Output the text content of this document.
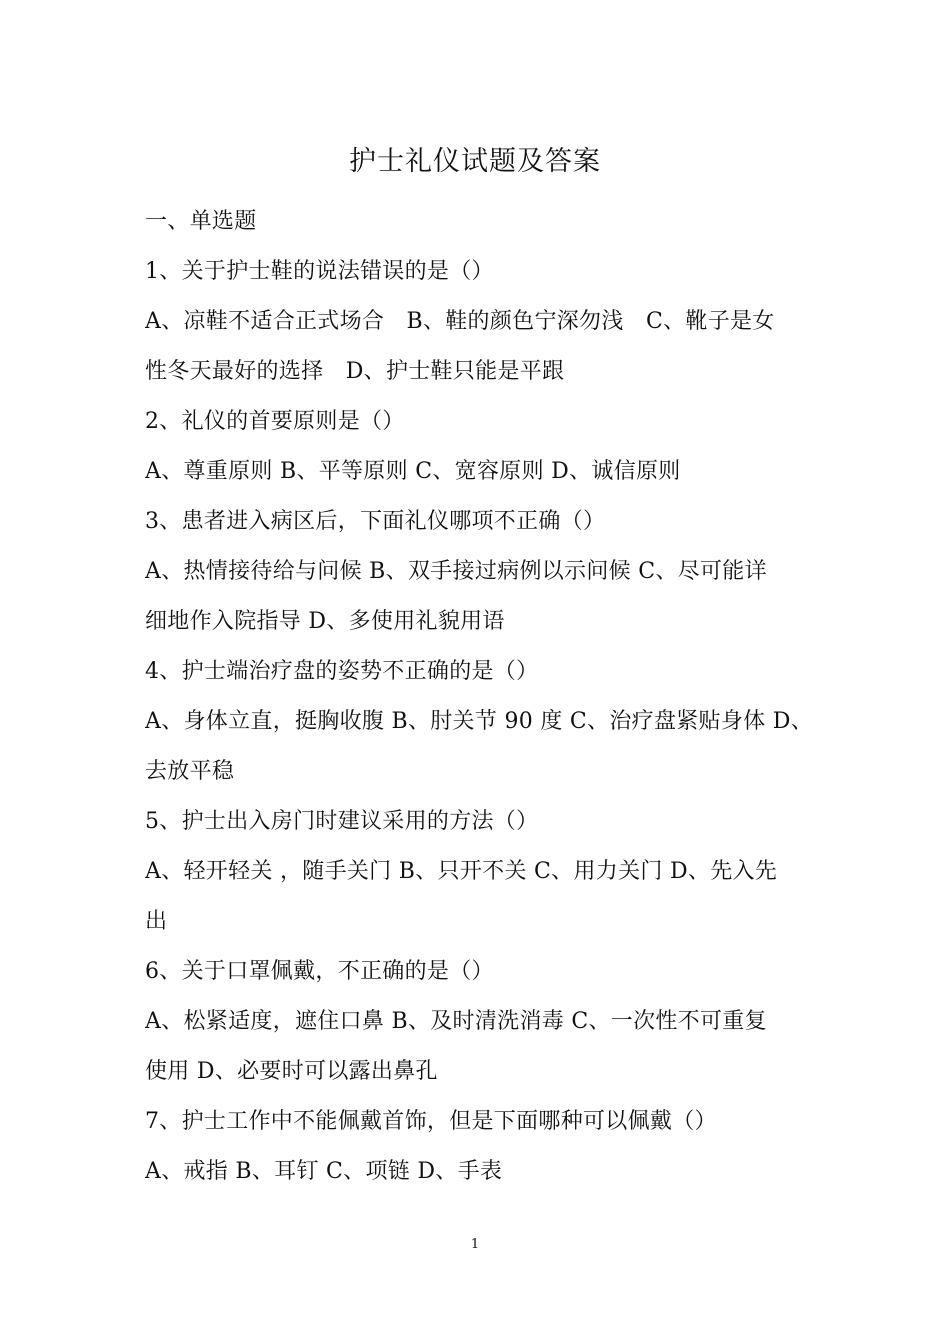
护士礼仪试题及答案
一、单选题
1、关于护士鞋的说法错误的是（）
A、凉鞋不适合正式场合　B、鞋的颜色宁深勿浅　C、靴子是女
性冬天最好的选择　D、护士鞋只能是平跟
2、礼仪的首要原则是（）
A、尊重原则 B、平等原则 C、宽容原则 D、诚信原则
3、患者进入病区后，下面礼仪哪项不正确（）
A、热情接待给与问候 B、双手接过病例以示问候 C、尽可能详
细地作入院指导 D、多使用礼貌用语
4、护士端治疗盘的姿势不正确的是（）
A、身体立直，挺胸收腹 B、肘关节 90 度 C、治疗盘紧贴身体 D、
去放平稳
5、护士出入房门时建议采用的方法（）
A、轻开轻关 ，随手关门 B、只开不关 C、用力关门 D、先入先
出
6、关于口罩佩戴，不正确的是（）
A、松紧适度，遮住口鼻 B、及时清洗消毒 C、一次性不可重复
使用 D、必要时可以露出鼻孔
7、护士工作中不能佩戴首饰，但是下面哪种可以佩戴（）
A、戒指 B、耳钉 C、项链 D、手表
1
